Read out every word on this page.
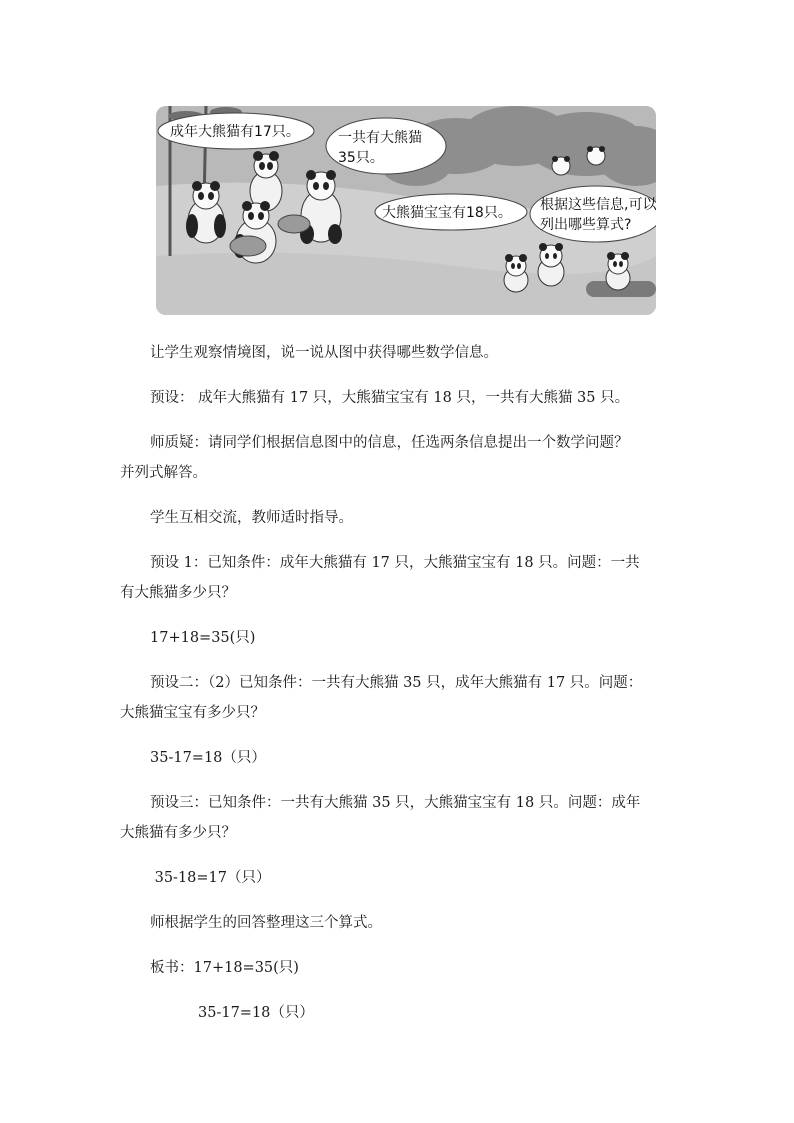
成年大熊猫有17只。	一共有大熊猫
35只。
大熊猫宝宝有18只。 根据这些信息,可以
列出哪些算式?

让学生观察情境图，说一说从图中获得哪些数学信息。

预设： 成年大熊猫有 17 只，大熊猫宝宝有 18 只，一共有大熊猫 35 只。

师质疑：请同学们根据信息图中的信息，任选两条信息提出一个数学问题？

并列式解答。

学生互相交流，教师适时指导。

预设 1：已知条件：成年大熊猫有 17 只，大熊猫宝宝有 18 只。问题：一共

有大熊猫多少只？

17+18=35(只)

预设二：（2）已知条件：一共有大熊猫 35 只，成年大熊猫有 17 只。问题：

大熊猫宝宝有多少只？

35-17=18（只）

预设三：已知条件：一共有大熊猫 35 只，大熊猫宝宝有 18 只。问题：成年

大熊猫有多少只？

35-18=17（只）

师根据学生的回答整理这三个算式。

板书：17+18=35(只)

35-17=18（只）
